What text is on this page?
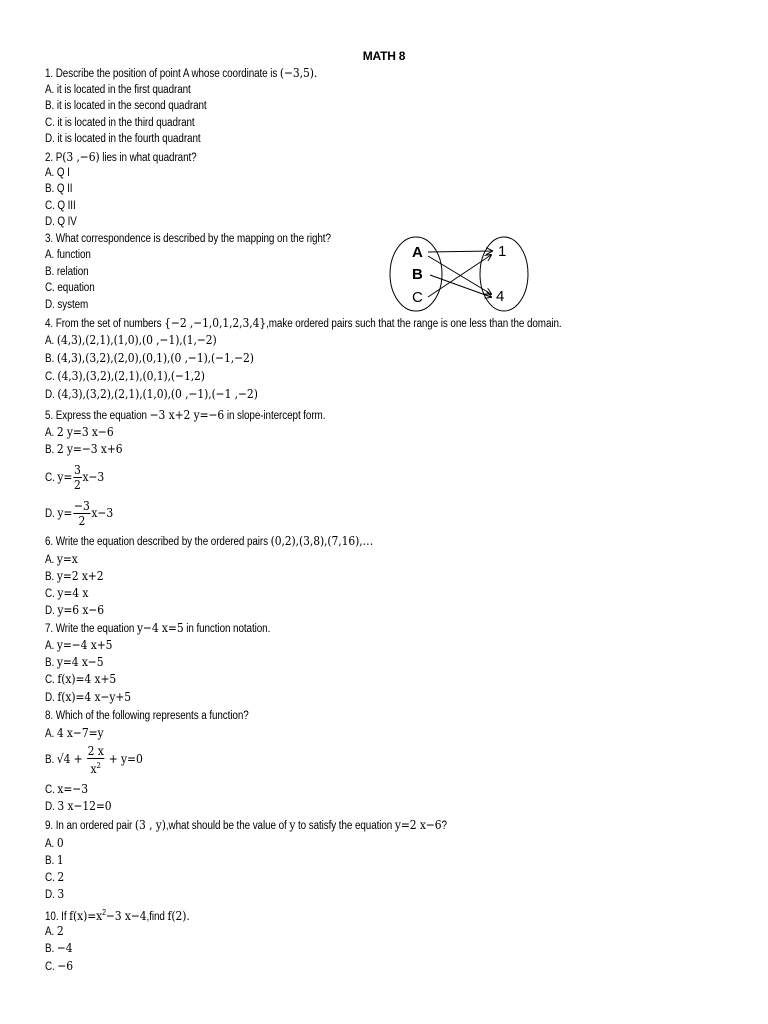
MATH 8
1. Describe the position of point A whose coordinate is (−3,5).
A. it is located in the first quadrant
B. it is located in the second quadrant
C. it is located in the third quadrant
D. it is located in the fourth quadrant
2. P(3 ,−6) lies in what quadrant?
A. Q I
B. Q II
C. Q III
D. Q IV
3. What correspondence is described by the mapping on the right?
A. function
B. relation
C. equation
D. system
A
B
C
1
4
4. From the set of numbers {−2 ,−1,0,1,2,3,4},make ordered pairs such that the range is one less than the domain.
A. (4,3),(2,1),(1,0),(0 ,−1),(1,−2)
B. (4,3),(3,2),(2,0),(0,1),(0 ,−1),(−1,−2)
C. (4,3),(3,2),(2,1),(0,1),(−1,2)
D. (4,3),(3,2),(2,1),(1,0),(0 ,−1),(−1 ,−2)
5. Express the equation −3 x+2 y=−6 in slope-intercept form.
A. 2 y=3 x−6
B. 2 y=−3 x+6
C. $y= \frac{3}{2} x-3$
D. $y= \frac{-3}{2} x-3$
6. Write the equation described by the ordered pairs (0,2),(3,8),(7,16),…
A. y=x
B. y=2 x+2
C. y=4 x
D. y=6 x−6
7. Write the equation y−4 x=5 in function notation.
A. y=−4 x+5
B. y=4 x−5
C. f(x)=4 x+5
D. f(x)=4 x−y+5
8. Which of the following represents a function?
A. 4 x−7=y
B. $√4 + \frac{2 x}{x^2} + y=0$
C. x=−3
D. 3 x−12=0
9. In an ordered pair (3 , y),what should be the value of y to satisfy the equation y=2 x−6?
A. 0
B. 1
C. 2
D. 3
10. If $f(x)=x^2-3$ x−4,find f(2).
A. 2
B. −4
C. −6
